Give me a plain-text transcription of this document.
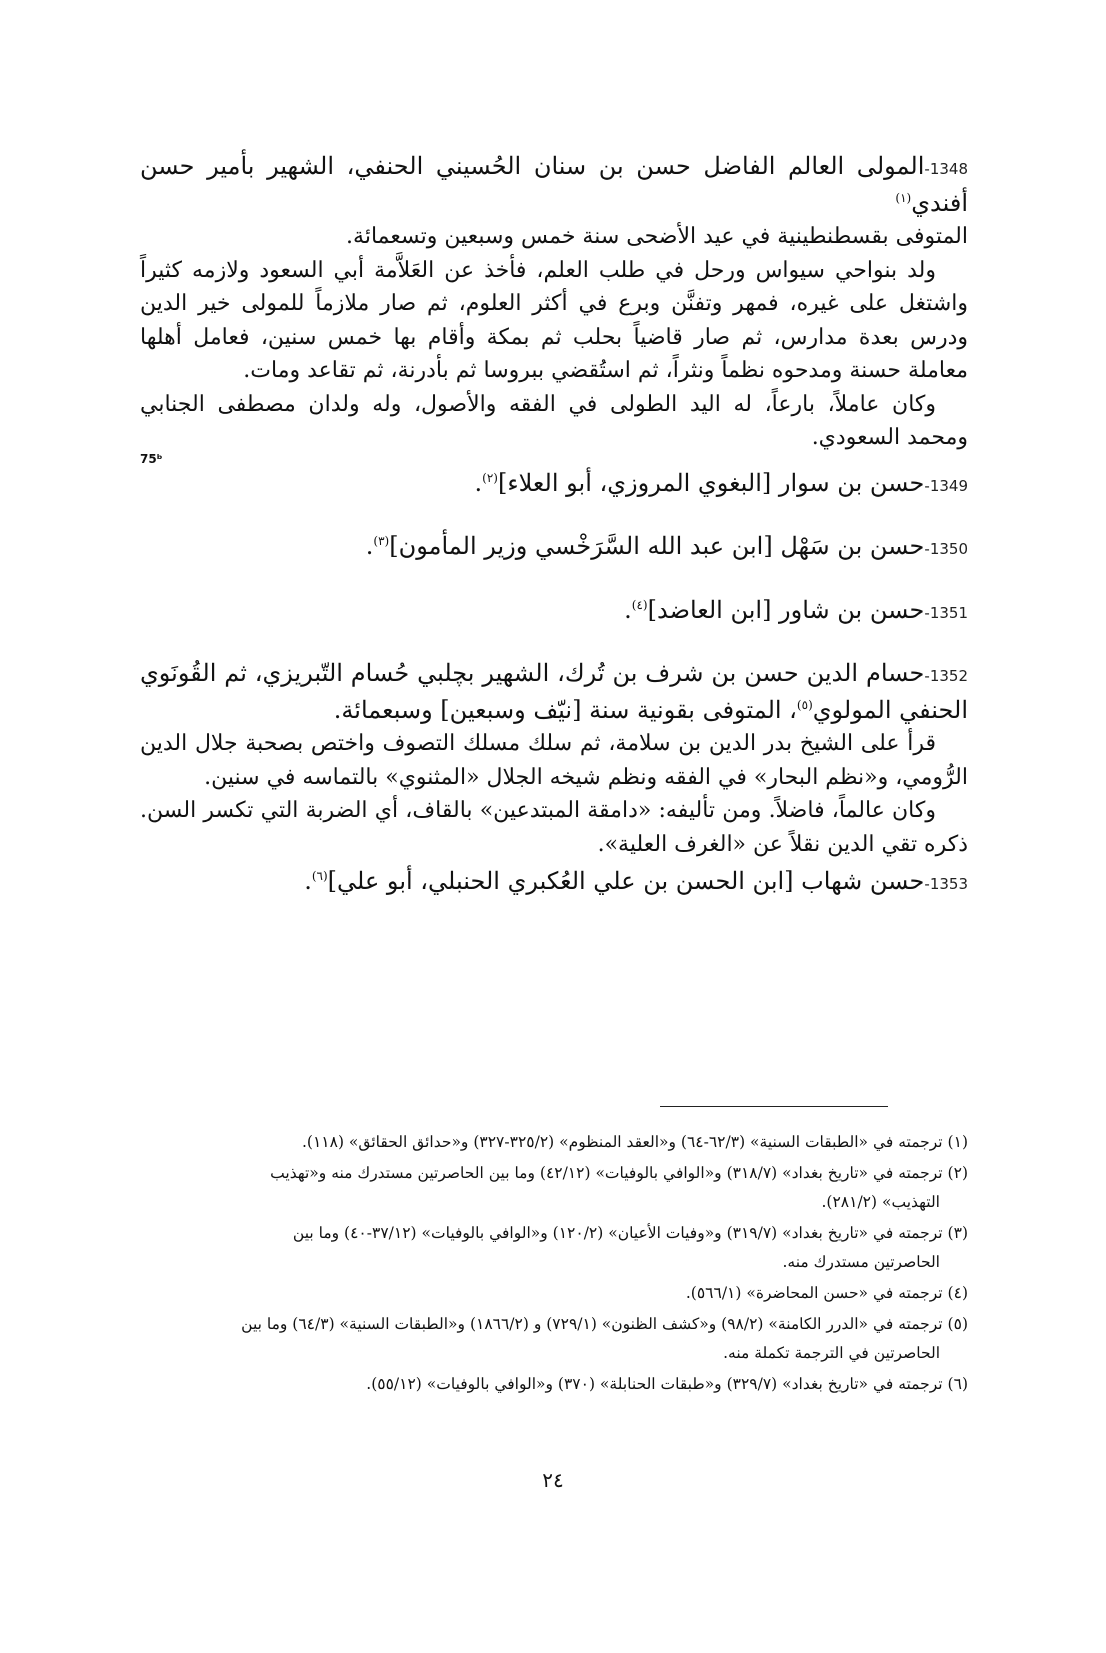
1348-المولى العالم الفاضل حسن بن سنان الحُسيني الحنفي، الشهير بأمير حسن أفندي$^{(١)}$
المتوفى بقسطنطينية في عيد الأضحى سنة خمس وسبعين وتسعمائة.

ولد بنواحي سيواس ورحل في طلب العلم، فأخذ عن العَلاَّمة أبي السعود ولازمه كثيراً واشتغل على غيره، فمهر وتفنَّن وبرع في أكثر العلوم، ثم صار ملازماً للمولى خير الدين ودرس بعدة مدارس، ثم صار قاضياً بحلب ثم بمكة وأقام بها خمس سنين، فعامل أهلها معاملة حسنة ومدحوه نظماً ونثراً، ثم استُقضي ببروسا ثم بأدرنة، ثم تقاعد ومات.

وكان عاملاً، بارعاً، له اليد الطولى في الفقه والأصول، وله ولدان مصطفى الجنابي ومحمد السعودي.

75ᵇ
1349-حسن بن سوار [البغوي المروزي، أبو العلاء]$^{(٢)}$.
1350-حسن بن سَهْل [ابن عبد الله السَّرَخْسي وزير المأمون]$^{(٣)}$.
1351-حسن بن شاور [ابن العاضد]$^{(٤)}$.
1352-حسام الدين حسن بن شرف بن تُرك، الشهير بچلبي حُسام التّبريزي، ثم القُونَوي الحنفي المولوي$^{(٥)}$، المتوفى بقونية سنة [نيّف وسبعين] وسبعمائة.

قرأ على الشيخ بدر الدين بن سلامة، ثم سلك مسلك التصوف واختص بصحبة جلال الدين الرُّومي، و«نظم البحار» في الفقه ونظم شيخه الجلال «المثنوي» بالتماسه في سنين.

وكان عالماً، فاضلاً. ومن تأليفه: «دامقة المبتدعين» بالقاف، أي الضربة التي تكسر السن. ذكره تقي الدين نقلاً عن «الغرف العلية».

1353-حسن شهاب [ابن الحسن بن علي العُكبري الحنبلي، أبو علي]$^{(٦)}$.
(١) ترجمته في «الطبقات السنية» (٦٢/٣-٦٤) و«العقد المنظوم» (٣٢٥/٢-٣٢٧) و«حدائق الحقائق» (١١٨).
(٢) ترجمته في «تاريخ بغداد» (٣١٨/٧) و«الوافي بالوفيات» (٤٢/١٢) وما بين الحاصرتين مستدرك منه و«تهذيب
التهذيب» (٢٨١/٢).
(٣) ترجمته في «تاريخ بغداد» (٣١٩/٧) و«وفيات الأعيان» (١٢٠/٢) و«الوافي بالوفيات» (٣٧/١٢-٤٠) وما بين
الحاصرتين مستدرك منه.
(٤) ترجمته في «حسن المحاضرة» (٥٦٦/١).
(٥) ترجمته في «الدرر الكامنة» (٩٨/٢) و«كشف الظنون» (٧٢٩/١) و (١٨٦٦/٢) و«الطبقات السنية» (٦٤/٣) وما بين
الحاصرتين في الترجمة تكملة منه.
(٦) ترجمته في «تاريخ بغداد» (٣٢٩/٧) و«طبقات الحنابلة» (٣٧٠) و«الوافي بالوفيات» (٥٥/١٢).
٢٤
